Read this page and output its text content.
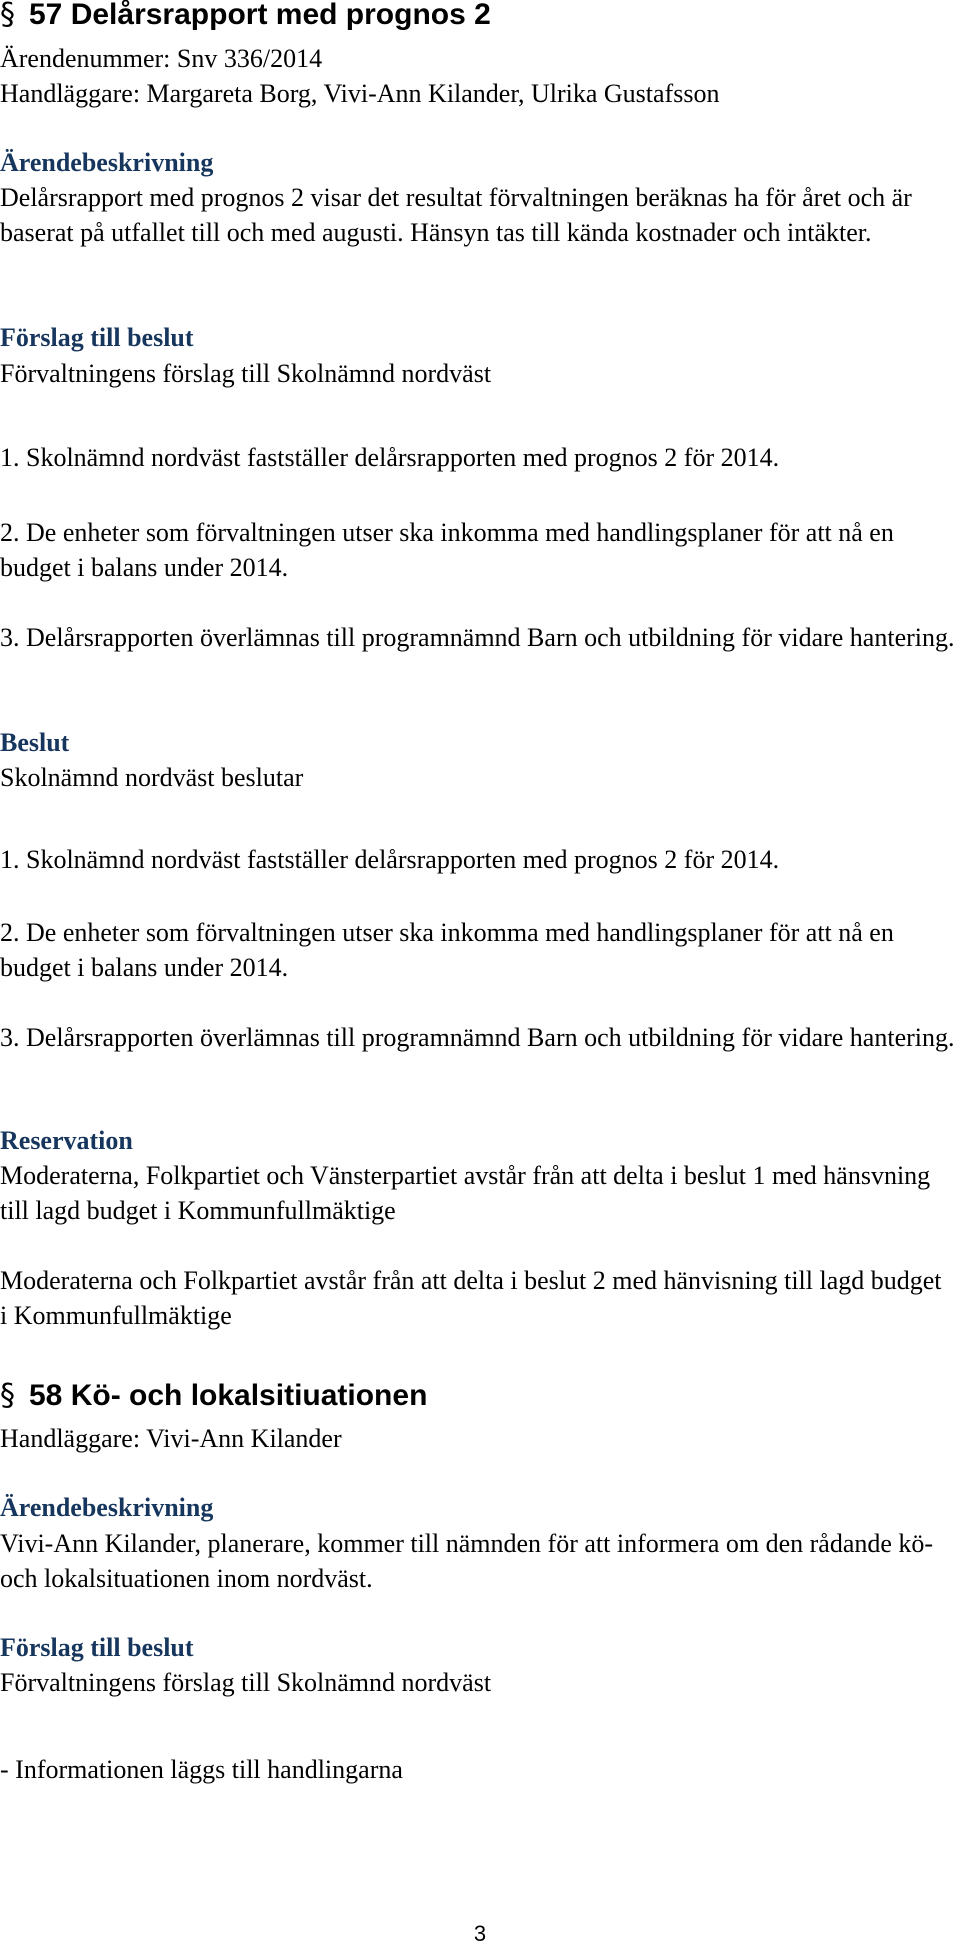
§ 57 Delårsrapport med prognos 2
Ärendenummer: Snv 336/2014
Handläggare: Margareta Borg, Vivi-Ann Kilander, Ulrika Gustafsson
Ärendebeskrivning
Delårsrapport med prognos 2 visar det resultat förvaltningen beräknas ha för året och är baserat på utfallet till och med augusti. Hänsyn tas till kända kostnader och intäkter.
Förslag till beslut
Förvaltningens förslag till Skolnämnd nordväst
1. Skolnämnd nordväst fastställer delårsrapporten med prognos 2 för 2014.
2. De enheter som förvaltningen utser ska inkomma med handlingsplaner för att nå en budget i balans under 2014.
3. Delårsrapporten överlämnas till programnämnd Barn och utbildning för vidare hantering.
Beslut
Skolnämnd nordväst beslutar
1. Skolnämnd nordväst fastställer delårsrapporten med prognos 2 för 2014.
2. De enheter som förvaltningen utser ska inkomma med handlingsplaner för att nå en budget i balans under 2014.
3. Delårsrapporten överlämnas till programnämnd Barn och utbildning för vidare hantering.
Reservation
Moderaterna, Folkpartiet och Vänsterpartiet avstår från att delta i beslut 1 med hänsvning till lagd budget i Kommunfullmäktige
Moderaterna och Folkpartiet avstår från att delta i beslut 2 med hänvisning till lagd budget i Kommunfullmäktige
§ 58 Kö- och lokalsitiuationen
Handläggare: Vivi-Ann Kilander
Ärendebeskrivning
Vivi-Ann Kilander, planerare, kommer till nämnden för att informera om den rådande kö- och lokalsituationen inom nordväst.
Förslag till beslut
Förvaltningens förslag till Skolnämnd nordväst
- Informationen läggs till handlingarna
3
